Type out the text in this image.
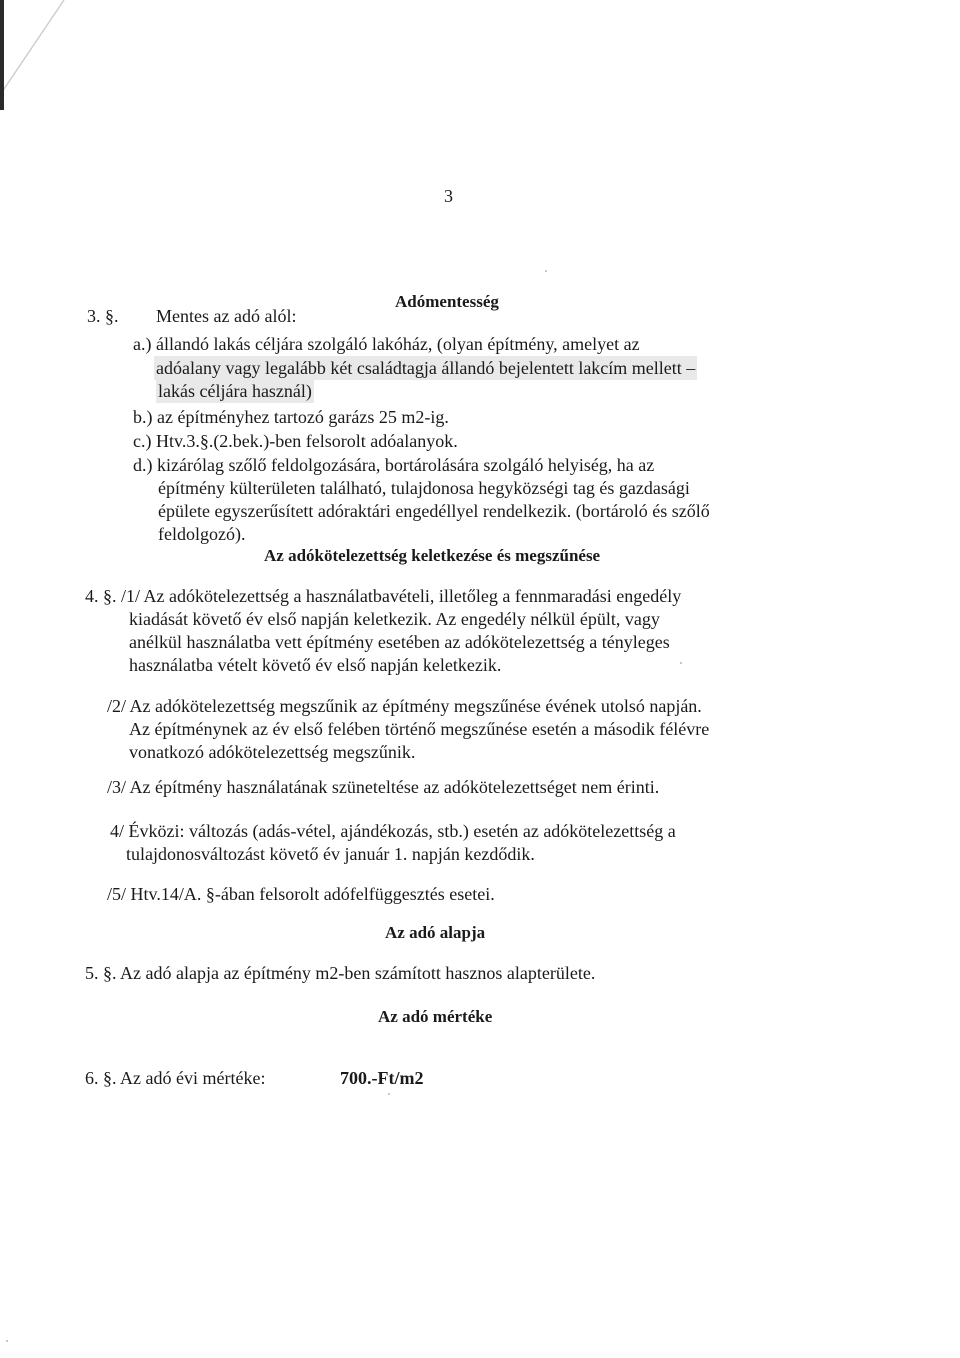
3
Adómentesség
3. §. Mentes az adó alól:
a.) állandó lakás céljára szolgáló lakóház, (olyan építmény, amelyet az
adóalany vagy legalább két családtagja állandó bejelentett lakcím mellett –
lakás céljára használ)
b.) az építményhez tartozó garázs 25 m2-ig.
c.) Htv.3.§.(2.bek.)-ben felsorolt adóalanyok.
d.) kizárólag szőlő feldolgozására, bortárolására szolgáló helyiség, ha az
építmény külterületen található, tulajdonosa hegyközségi tag és gazdasági
épülete egyszerűsített adóraktári engedéllyel rendelkezik. (bortároló és szőlő
feldolgozó).
Az adókötelezettség keletkezése és megszűnése
4. §. /1/ Az adókötelezettség a használatbavételi, illetőleg a fennmaradási engedély
kiadását követő év első napján keletkezik. Az engedély nélkül épült, vagy
anélkül használatba vett építmény esetében az adókötelezettség a tényleges
használatba vételt követő év első napján keletkezik.
/2/ Az adókötelezettség megszűnik az építmény megszűnése évének utolsó napján.
Az építménynek az év első felében történő megszűnése esetén a második félévre
vonatkozó adókötelezettség megszűnik.
/3/ Az építmény használatának szüneteltése az adókötelezettséget nem érinti.
4/ Évközi: változás (adás-vétel, ajándékozás, stb.) esetén az adókötelezettség a
tulajdonosváltozást követő év január 1. napján kezdődik.
/5/ Htv.14/A. §-ában felsorolt adófelfüggesztés esetei.
Az adó alapja
5. §. Az adó alapja az építmény m2-ben számított hasznos alapterülete.
Az adó mértéke
6. §. Az adó évi mértéke:	700.-Ft/m2
